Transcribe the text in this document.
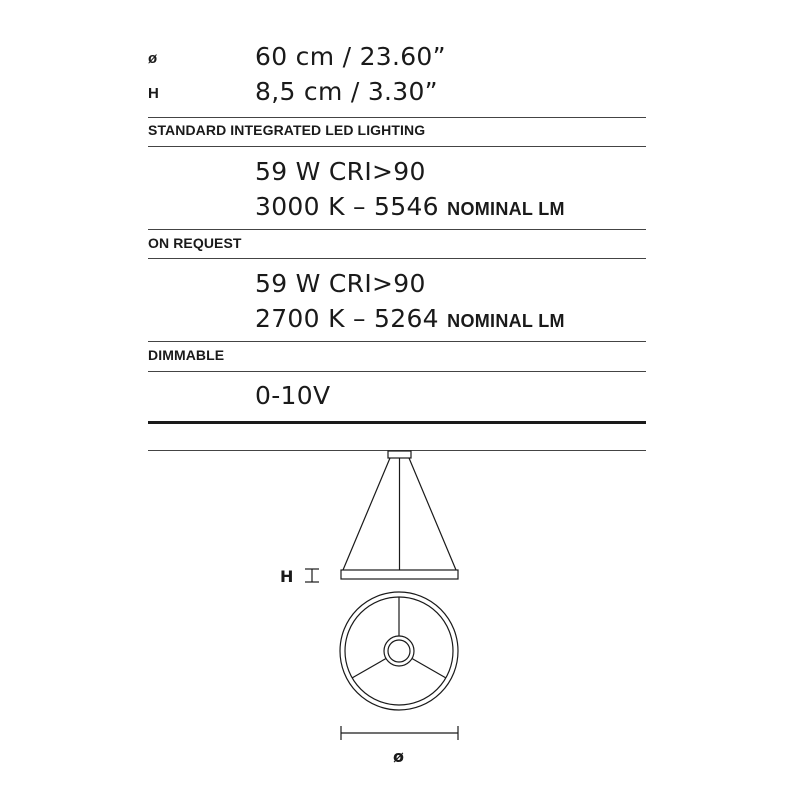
ø	60 cm / 23.60”
H	8,5 cm / 3.30”
STANDARD INTEGRATED LED LIGHTING
59 W CRI>90
3000 K – 5546 NOMINAL LM
ON REQUEST
59 W CRI>90
2700 K – 5264 NOMINAL LM
DIMMABLE
0-10V
H
ø
